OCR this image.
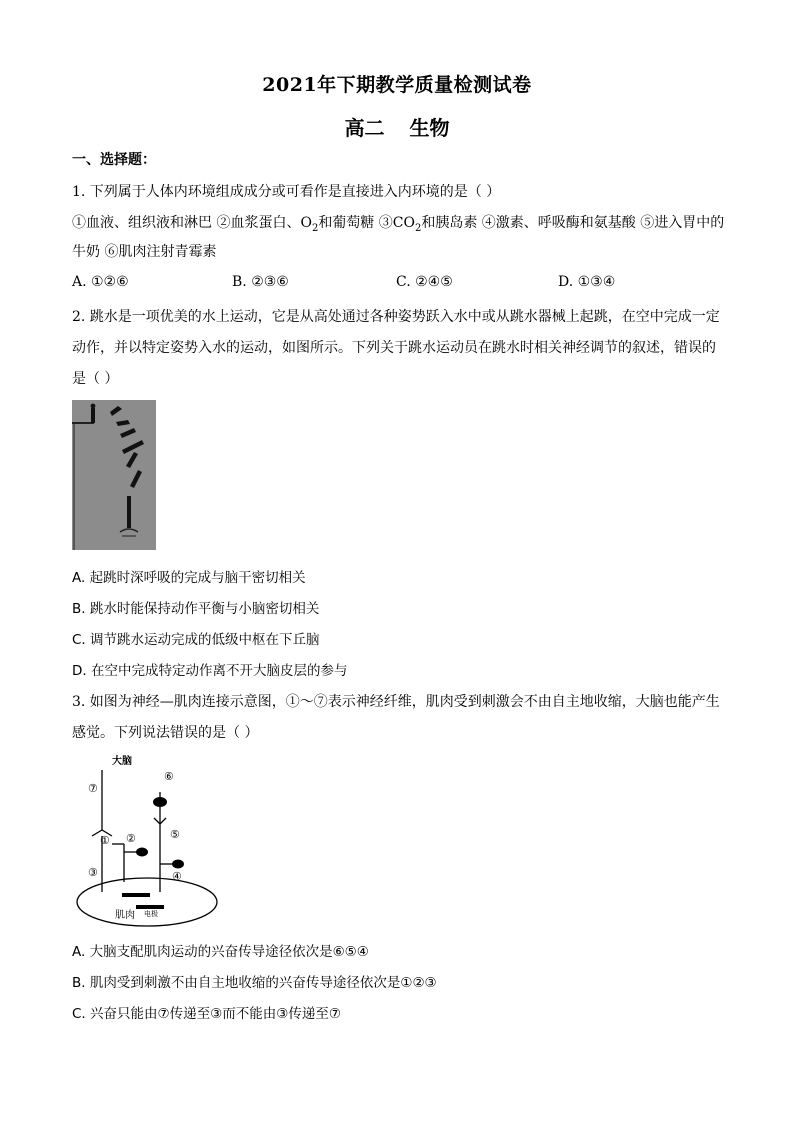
2021年下期教学质量检测试卷
高二 生物
一、选择题：
1. 下列属于人体内环境组成成分或可看作是直接进入内环境的是（ ）
①血液、组织液和淋巴 ②血浆蛋白、$O_2$和葡萄糖 $③CO_2$和胰岛素 ④激素、呼吸酶和氨基酸 ⑤进入胃中的
牛奶 ⑥肌肉注射青霉素
A. ①②⑥	B. ②③⑥	C. ②④⑤	D. ①③④
2. 跳水是一项优美的水上运动，它是从高处通过各种姿势跃入水中或从跳水器械上起跳，在空中完成一定
动作，并以特定姿势入水的运动，如图所示。下列关于跳水运动员在跳水时相关神经调节的叙述，错误的
是（ ）
A. 起跳时深呼吸的完成与脑干密切相关
B. 跳水时能保持动作平衡与小脑密切相关
C. 调节跳水运动完成的低级中枢在下丘脑
D. 在空中完成特定动作离不开大脑皮层的参与
3. 如图为神经—肌肉连接示意图，①～⑦表示神经纤维，肌肉受到刺激会不由自主地收缩，大脑也能产生
感觉。下列说法错误的是（ ）
大脑
⑦
③
②
①
⑥
⑤
④
肌肉 电极
A. 大脑支配肌肉运动的兴奋传导途径依次是⑥⑤④
B. 肌肉受到刺激不由自主地收缩的兴奋传导途径依次是①②③
C. 兴奋只能由⑦传递至③而不能由③传递至⑦
